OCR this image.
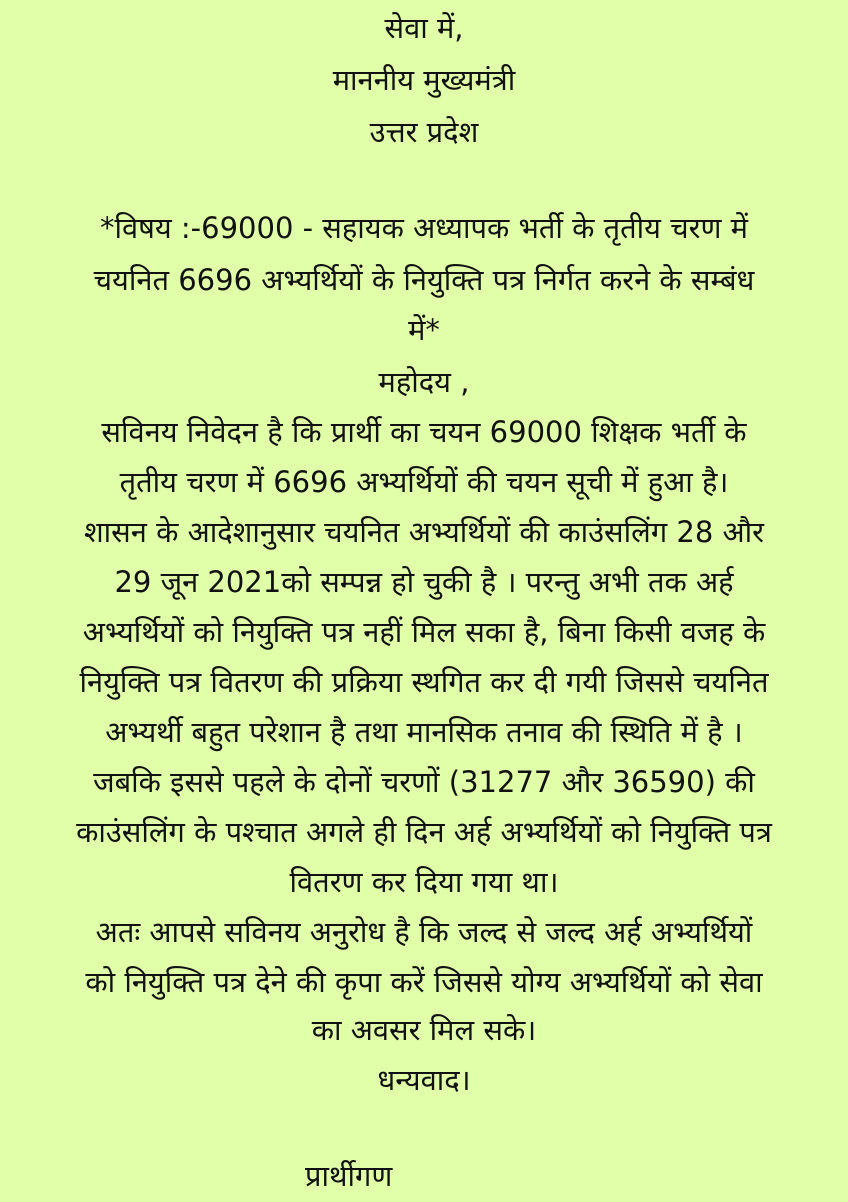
सेवा में,
माननीय मुख्यमंत्री
उत्तर प्रदेश
*विषय :-69000 - सहायक अध्यापक भर्ती के तृतीय चरण में
चयनित 6696 अभ्यर्थियों के नियुक्ति पत्र निर्गत करने के सम्बंध
में*
महोदय ,
सविनय निवेदन है कि प्रार्थी का चयन 69000 शिक्षक भर्ती के
तृतीय चरण में 6696 अभ्यर्थियों की चयन सूची में हुआ है।
शासन के आदेशानुसार चयनित अभ्यर्थियों की काउंसलिंग 28 और
29 जून 2021को सम्पन्न हो चुकी है । परन्तु अभी तक अर्ह
अभ्यर्थियों को नियुक्ति पत्र नहीं मिल सका है, बिना किसी वजह के
नियुक्ति पत्र वितरण की प्रक्रिया स्थगित कर दी गयी जिससे चयनित
अभ्यर्थी बहुत परेशान है तथा मानसिक तनाव की स्थिति में है ।
जबकि इससे पहले के दोनों चरणों (31277 और 36590) की
काउंसलिंग के पश्चात अगले ही दिन अर्ह अभ्यर्थियों को नियुक्ति पत्र
वितरण कर दिया गया था।
अतः आपसे सविनय अनुरोध है कि जल्द से जल्द अर्ह अभ्यर्थियों
को नियुक्ति पत्र देने की कृपा करें जिससे योग्य अभ्यर्थियों को सेवा
का अवसर मिल सके।
धन्यवाद।
प्रार्थीगण
